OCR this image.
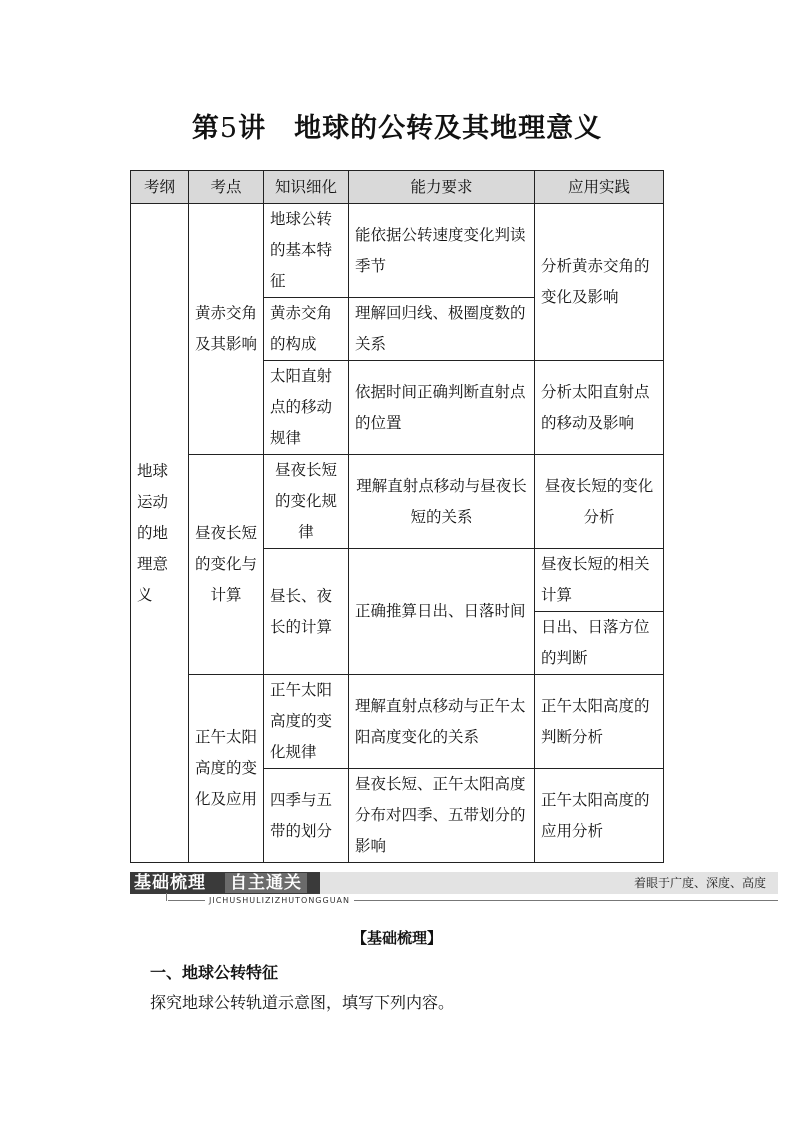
第5讲　地球的公转及其地理意义
考纲	考点	知识细化	能力要求	应用实践
地球运动的地理意义	黄赤交角及其影响	地球公转的基本特征	能依据公转速度变化判读季节	分析黄赤交角的变化及影响
		黄赤交角的构成	理解回归线、极圈度数的关系	
		太阳直射点的移动规律	依据时间正确判断直射点的位置	分析太阳直射点的移动及影响
	昼夜长短的变化与计算	昼夜长短的变化规律	理解直射点移动与昼夜长短的关系	昼夜长短的变化分析
		昼长、夜长的计算	正确推算日出、日落时间	昼夜长短的相关计算
				日出、日落方位的判断
	正午太阳高度的变化及应用	正午太阳高度的变化规律	理解直射点移动与正午太阳高度变化的关系	正午太阳高度的判断分析
		四季与五带的划分	昼夜长短、正午太阳高度分布对四季、五带划分的影响	正午太阳高度的应用分析
基础梳理 自主通关	着眼于广度、深度、高度
JICHUSHULIZIZHUTONGGUAN
【基础梳理】
一、地球公转特征
探究地球公转轨道示意图，填写下列内容。
